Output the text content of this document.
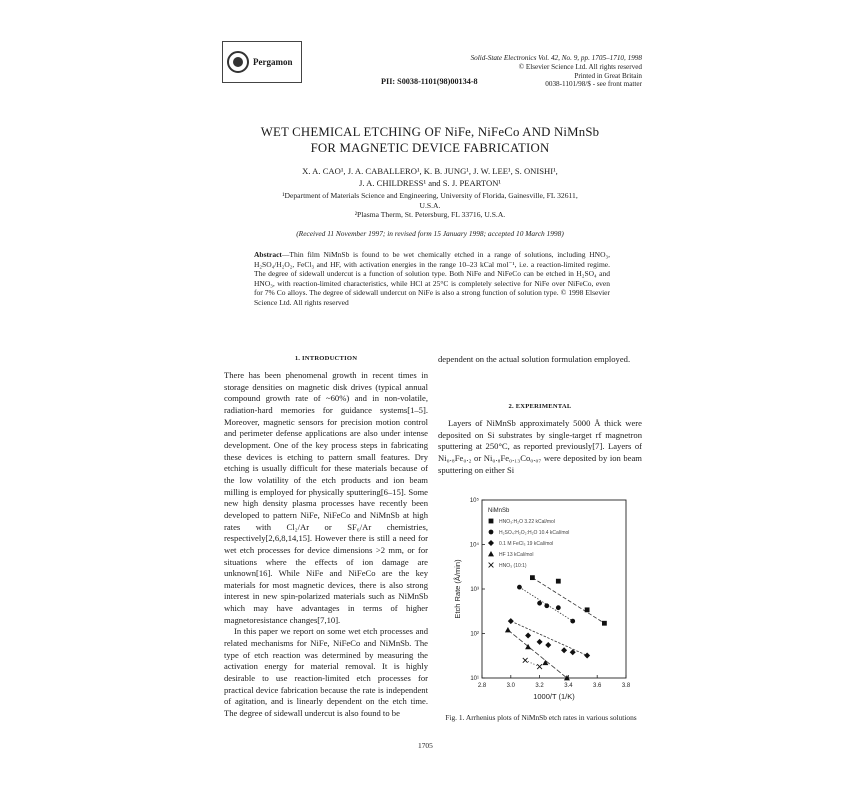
Pergamon	Solid-State Electronics Vol. 42, No. 9, pp. 1705–1710, 1998
© Elsevier Science Ltd. All rights reserved
Printed in Great Britain
0038-1101/98/$ - see front matter
PII: S0038-1101(98)00134-8
WET CHEMICAL ETCHING OF NiFe, NiFeCo AND NiMnSb
FOR MAGNETIC DEVICE FABRICATION
X. A. CAO¹, J. A. CABALLERO¹, K. B. JUNG¹, J. W. LEE¹, S. ONISHI¹,
J. A. CHILDRESS¹ and S. J. PEARTON¹
¹Department of Materials Science and Engineering, University of Florida, Gainesville, FL 32611,
U.S.A.
²Plasma Therm, St. Petersburg, FL 33716, U.S.A.
(Received 11 November 1997; in revised form 15 January 1998; accepted 10 March 1998)
Abstract—Thin film NiMnSb is found to be wet chemically etched in a range of solutions, including HNO₃, H₂SO₄/H₂O₂, FeCl₃ and HF, with activation energies in the range 10–23 kCal mol⁻¹, i.e. a reaction-limited regime. The degree of sidewall undercut is a function of solution type. Both NiFe and NiFeCo can be etched in H₂SO₄ and HNO₃, with reaction-limited characteristics, while HCl at 25°C is completely selective for NiFe over NiFeCo, even for 7% Co alloys. The degree of sidewall undercut on NiFe is also a strong function of solution type. © 1998 Elsevier Science Ltd. All rights reserved
1. INTRODUCTION

There has been phenomenal growth in recent times in storage densities on magnetic disk drives (typical annual compound growth rate of ~60%) and in non-volatile, radiation-hard memories for guidance systems[1–5]. Moreover, magnetic sensors for precision motion control and perimeter defense applications are also under intense development. One of the key process steps in fabricating these devices is etching to pattern small features. Dry etching is usually difficult for these materials because of the low volatility of the etch products and ion beam milling is employed for physically sputtering[6–15]. Some new high density plasma processes have recently been developed to pattern NiFe, NiFeCo and NiMnSb at high rates with Cl₂/Ar or SF₆/Ar chemistries, respectively[2,6,8,14,15]. However there is still a need for wet etch processes for device dimensions >2 mm, or for situations where the effects of ion damage are unknown[16]. While NiFe and NiFeCo are the key materials for most magnetic devices, there is also strong interest in new spin-polarized materials such as NiMnSb which may have advantages in terms of higher magnetoresistance changes[7,10].

In this paper we report on some wet etch processes and related mechanisms for NiFe, NiFeCo and NiMnSb. The type of etch reaction was determined by measuring the activation energy for material removal. It is highly desirable to use reaction-limited etch processes for practical device fabrication because the rate is independent of agitation, and is linearly dependent on the etch time. The degree of sidewall undercut is also found to be

dependent on the actual solution formulation employed.

2. EXPERIMENTAL

Layers of NiMnSb approximately 5000 Å thick were deposited on Si substrates by single-target rf magnetron sputtering at 250°C, as reported previously[7]. Layers of Ni₀.₈Fe₀.₂ or Ni₀.₈Fe₀.₁₃Co₀.₀₇ were deposited by ion beam sputtering on either Si

2.8	3.0	3.2	3.4	3.6	3.8
10⁵
10⁴
10³
10²
10¹
1000/T (1/K)
Etch Rate (Å/min)
NiMnSb
HNO₃:H₂O 3.22 kCal/mol
H₂SO₄:H₂O₂:H₂O 10.4 kCal/mol
0.1 M FeCl₃ 19 kCal/mol
HF 13 kCal/mol
HNO₃ (10:1)
Fig. 1. Arrhenius plots of NiMnSb etch rates in various solutions
1705
